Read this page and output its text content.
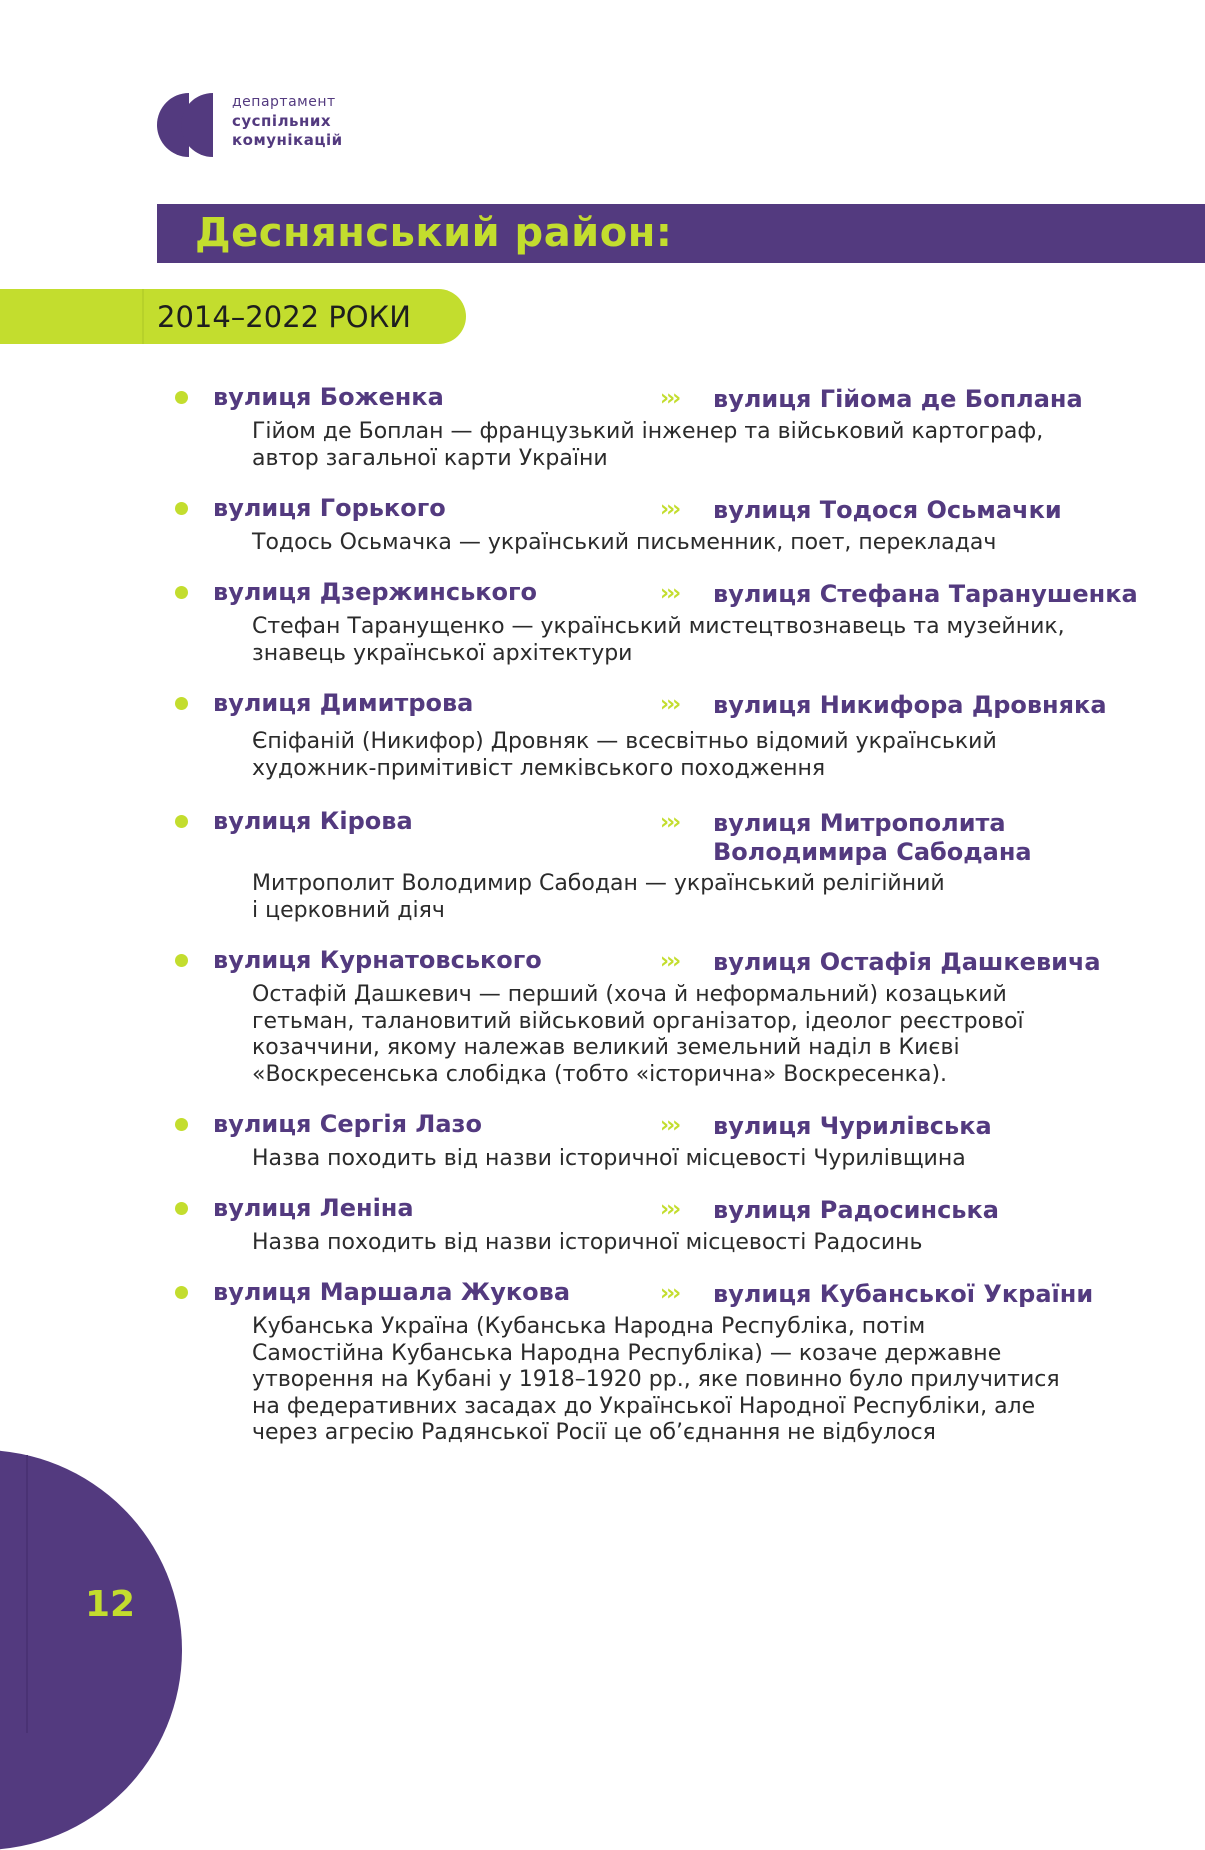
департамент
суспільних
комунікацій
Деснянський район:
2014–2022 РОКИ
вулиця Боженка	››› вулиця Гійома де Боплана
Гійом де Боплан — французький інженер та військовий картограф,
автор загальної карти України
вулиця Горького	››› вулиця Тодося Осьмачки
Тодось Осьмачка — український письменник, поет, перекладач
вулиця Дзержинського	››› вулиця Стефана Таранушенка
Стефан Таранущенко — український мистецтвознавець та музейник,
знавець української архітектури
вулиця Димитрова	››› вулиця Никифора Дровняка
Єпіфаній (Никифор) Дровняк — всесвітньо відомий український
художник-примітивіст лемківського походження
вулиця Кірова	››› вулиця Митрополита
Володимира Сабодана
Митрополит Володимир Сабодан — український релігійний
і церковний діяч
вулиця Курнатовського	››› вулиця Остафія Дашкевича
Остафій Дашкевич — перший (хоча й неформальний) козацький
гетьман, талановитий військовий організатор, ідеолог реєстрової
козаччини, якому належав великий земельний наділ в Києві
«Воскресенська слобідка (тобто «історична» Воскресенка).
вулиця Сергія Лазо	››› вулиця Чурилівська
Назва походить від назви історичної місцевості Чурилівщина
вулиця Леніна	››› вулиця Радосинська
Назва походить від назви історичної місцевості Радосинь
вулиця Маршала Жукова	››› вулиця Кубанської України
Кубанська Україна (Кубанська Народна Республіка, потім
Самостійна Кубанська Народна Республіка) — козаче державне
утворення на Кубані у 1918–1920 рр., яке повинно було прилучитися
на федеративних засадах до Української Народної Республіки, але
через агресію Радянської Росії це об’єднання не відбулося
12
